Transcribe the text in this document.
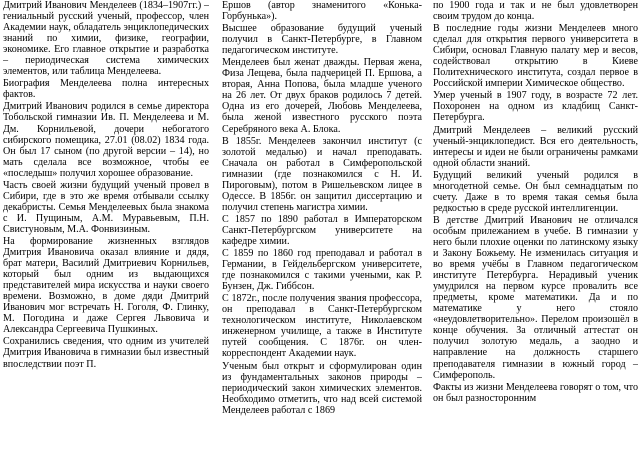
Дмитрий Иванович Менделеев (1834–1907гг.) – гениальный русский ученый, профессор, член Академии наук, обладатель энциклопедических знаний по химии, физике, географии, экономике. Его главное открытие и разработка – периодическая система химических элементов, или таблица Менделеева.

Биография Менделеева полна интересных фактов.

Дмитрий Иванович родился в семье директора Тобольской гимназии Ив. П. Менделеева и М. Дм. Корнильевой, дочери небогатого сибирского помещика, 27.01 (08.02) 1834 года. Он был 17 сыном (по другой версии – 14), но мать сделала все возможное, чтобы ее «последыш» получил хорошее образование.

Часть своей жизни будущий ученый провел в Сибири, где в это же время отбывали ссылку декабристы. Семья Менделеевых была знакома с И. Пущиным, А.М. Муравьевым, П.Н. Свистуновым, М.А. Фонвизиным.

На формирование жизненных взглядов Дмитрия Ивановича оказал влияние и дядя, брат матери, Василий Дмитриевич Корнильев, который был одним из выдающихся представителей мира искусства и науки своего времени. Возможно, в доме дяди Дмитрий Иванович мог встречать Н. Гоголя, Ф. Глинку, М. Погодина и даже Сергея Львовича и Александра Сергеевича Пушкиных.

Сохранились сведения, что одним из учителей Дмитрия Ивановича в гимназии был известный впоследствии поэт П.

Ершов (автор знаменитого «Конька-Горбунька»).

Высшее образование будущий ученый получил в Санкт-Петербурге, в Главном педагогическом институте.

Менделеев был женат дважды. Первая жена, Физа Лещева, была падчерицей П. Ершова, а вторая, Анна Попова, была младше ученого на 26 лет. От двух браков родилось 7 детей. Одна из его дочерей, Любовь Менделеева, была женой известного русского поэта Серебряного века А. Блока.

В 1855г. Менделеев закончил институт (с золотой медалью) и начал преподавать. Сначала он работал в Симферопольской гимназии (где познакомился с Н. И. Пироговым), потом в Ришельевском лицее в Одессе. В 1856г. он защитил диссертацию и получил степень магистра химии.

С 1857 по 1890 работал в Императорском Санкт-Петербургском университете на кафедре химии.

С 1859 по 1860 год преподавал и работал в Германии, в Гейдельбергском университете, где познакомился с такими учеными, как Р. Бунзен, Дж. Гиббсон.

С 1872г., после получения звания профессора, он преподавал в Санкт-Петербургском технологическом институте, Николаевском инженерном училище, а также в Институте путей сообщения. С 1876г. он член-корреспондент Академии наук.

Ученым был открыт и сформулирован один из фундаментальных законов природы – периодический закон химических элементов. Необходимо отметить, что над всей системой Менделеев работал с 1869

по 1900 года и так и не был удовлетворен своим трудом до конца.

В последние годы жизни Менделеев много сделал для открытия первого университета в Сибири, основал Главную палату мер и весов, содействовал открытию в Киеве Политехнического института, создал первое в Российской империи Химическое общество.

Умер ученый в 1907 году, в возрасте 72 лет. Похоронен на одном из кладбищ Санкт-Петербурга.

Дмитрий Менделеев – великий русский ученый-энциклопедист. Вся его деятельность, интересы и идеи не были ограничены рамками одной области знаний.

Будущий великий ученый родился в многодетной семье. Он был семнадцатым по счету. Даже в то время такая семья была редкостью в среде русской интеллигенции.

В детстве Дмитрий Иванович не отличался особым прилежанием в учебе. В гимназии у него были плохие оценки по латинскому языку и Закону Божьему. Не изменилась ситуация и во время учёбы в Главном педагогическом институте Петербурга. Нерадивый ученик умудрился на первом курсе провалить все предметы, кроме математики. Да и по математике у него стояло «неудовлетворительно». Перелом произошёл в конце обучения. За отличный аттестат он получил золотую медаль, а заодно и направление на должность старшего преподавателя гимназии в южный город – Симферополь.

Факты из жизни Менделеева говорят о том, что он был разносторонним
